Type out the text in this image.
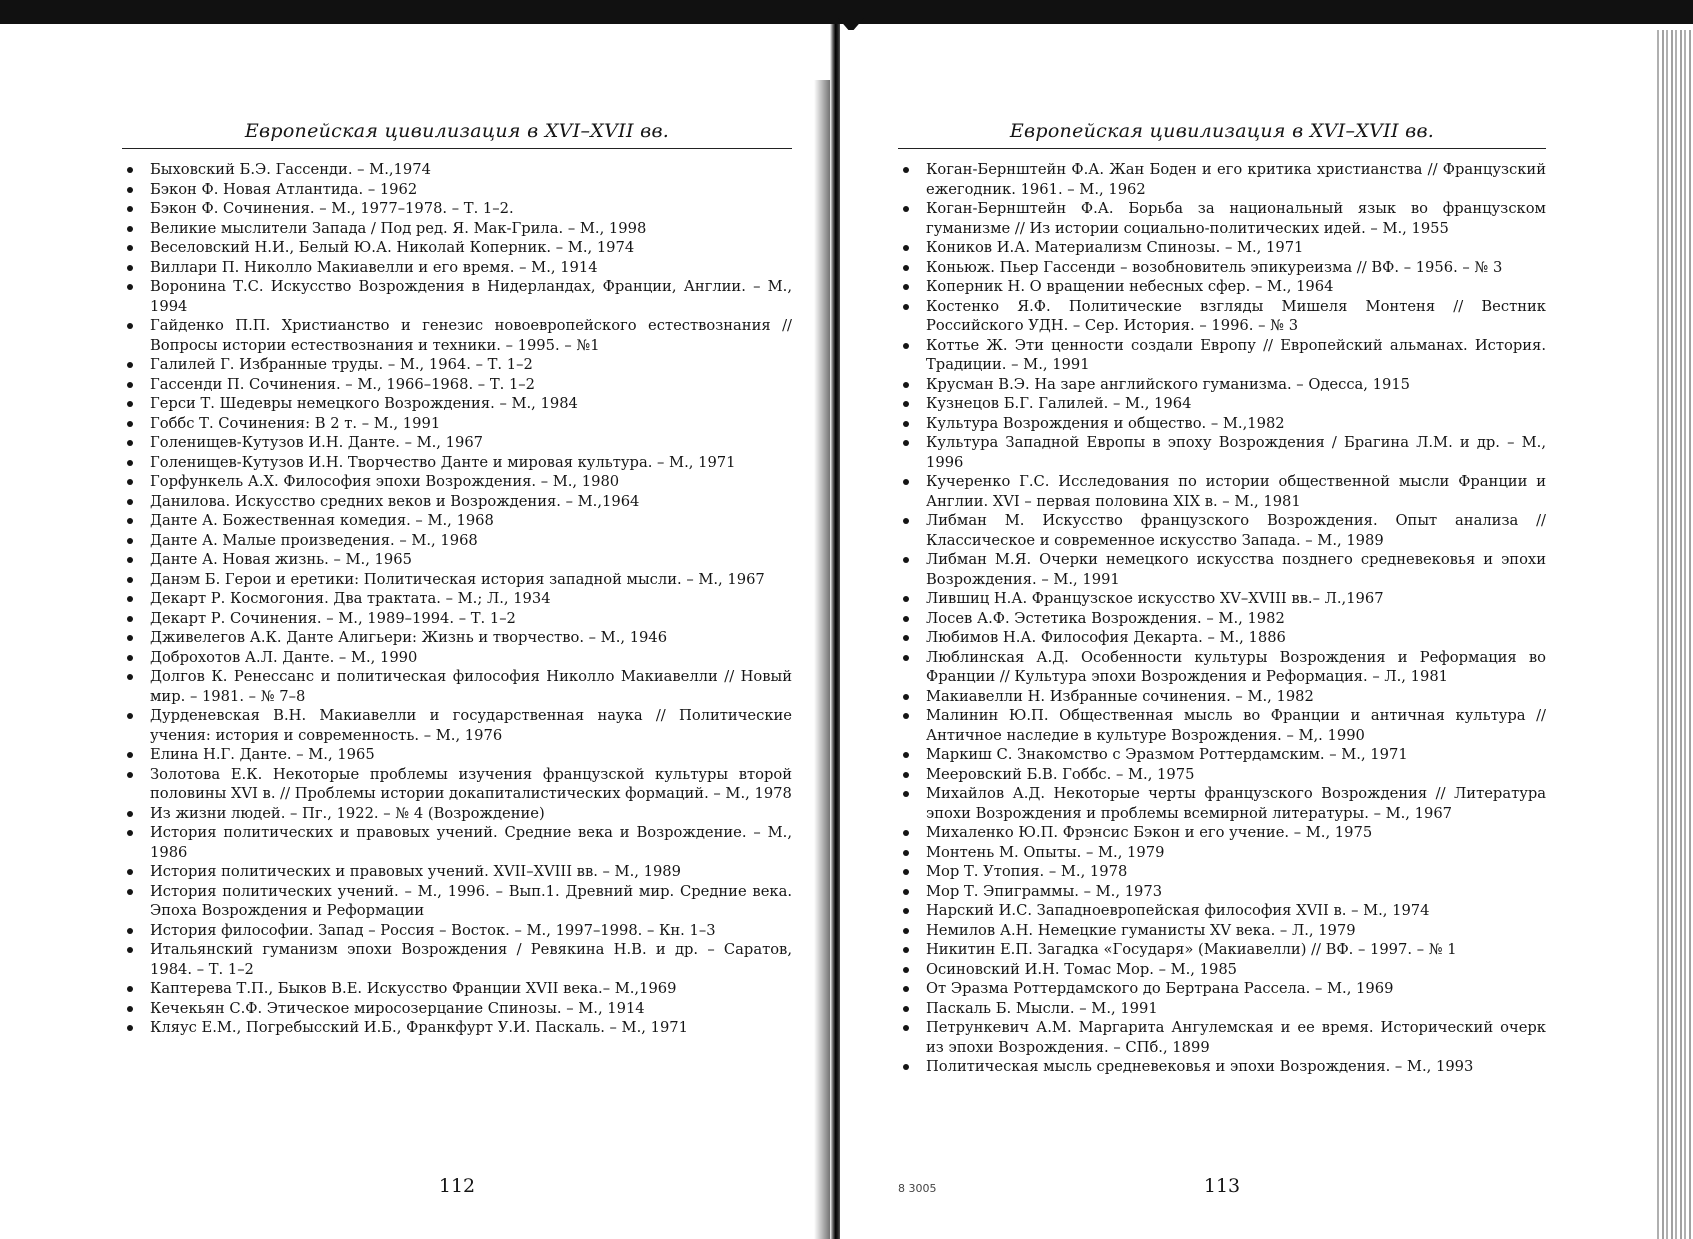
Европейская цивилизация в XVI–XVII вв.
Быховский Б.Э. Гассенди. – М.,1974
Бэкон Ф. Новая Атлантида. – 1962
Бэкон Ф. Сочинения. – М., 1977–1978. – Т. 1–2.
Великие мыслители Запада / Под ред. Я. Мак-Грила. – М., 1998
Веселовский Н.И., Белый Ю.А. Николай Коперник. – М., 1974
Виллари П. Николло Макиавелли и его время. – М., 1914
Воронина Т.С. Искусство Возрождения в Нидерландах, Франции, Англии. – М., 1994
Гайденко П.П. Христианство и генезис новоевропейского естествознания // Вопросы истории естествознания и техники. – 1995. – №1
Галилей Г. Избранные труды. – М., 1964. – Т. 1–2
Гассенди П. Сочинения. – М., 1966–1968. – Т. 1–2
Герси Т. Шедевры немецкого Возрождения. – М., 1984
Гоббс Т. Сочинения: В 2 т. – М., 1991
Голенищев-Кутузов И.Н. Данте. – М., 1967
Голенищев-Кутузов И.Н. Творчество Данте и мировая культура. – М., 1971
Горфункель А.Х. Философия эпохи Возрождения. – М., 1980
Данилова. Искусство средних веков и Возрождения. – М.,1964
Данте А. Божественная комедия. – М., 1968
Данте А. Малые произведения. – М., 1968
Данте А. Новая жизнь. – М., 1965
Данэм Б. Герои и еретики: Политическая история западной мысли. – М., 1967
Декарт Р. Космогония. Два трактата. – М.; Л., 1934
Декарт Р. Сочинения. – М., 1989–1994. – Т. 1–2
Дживелегов А.К. Данте Алигьери: Жизнь и творчество. – М., 1946
Доброхотов А.Л. Данте. – М., 1990
Долгов К. Ренессанс и политическая философия Николло Макиавелли // Новый мир. – 1981. – № 7–8
Дурденевская В.Н. Макиавелли и государственная наука // Политические учения: история и современность. – М., 1976
Елина Н.Г. Данте. – М., 1965
Золотова Е.К. Некоторые проблемы изучения французской культуры второй половины XVI в. // Проблемы истории докапиталистических формаций. – М., 1978
Из жизни людей. – Пг., 1922. – № 4 (Возрождение)
История политических и правовых учений. Средние века и Возрождение. – М., 1986
История политических и правовых учений. XVII–XVIII вв. – М., 1989
История политических учений. – М., 1996. – Вып.1. Древний мир. Средние века. Эпоха Возрождения и Реформации
История философии. Запад – Россия – Восток. – М., 1997–1998. – Кн. 1–3
Итальянский гуманизм эпохи Возрождения / Ревякина Н.В. и др. – Саратов, 1984. – Т. 1–2
Каптерева Т.П., Быков В.Е. Искусство Франции XVII века.– М.,1969
Кечекьян С.Ф. Этическое миросозерцание Спинозы. – М., 1914
Кляус Е.М., Погребысский И.Б., Франкфурт У.И. Паскаль. – М., 1971
112
Европейская цивилизация в XVI–XVII вв.
Коган-Бернштейн Ф.А. Жан Боден и его критика христианства // Французский ежегодник. 1961. – М., 1962
Коган-Бернштейн Ф.А. Борьба за национальный язык во французском гуманизме // Из истории социально-политических идей. – М., 1955
Коников И.А. Материализм Спинозы. – М., 1971
Коньюж. Пьер Гассенди – возобновитель эпикуреизма // ВФ. – 1956. – № 3
Коперник Н. О вращении небесных сфер. – М., 1964
Костенко Я.Ф. Политические взгляды Мишеля Монтеня // Вестник Российского УДН. – Сер. История. – 1996. – № 3
Коттье Ж. Эти ценности создали Европу // Европейский альманах. История. Традиции. – М., 1991
Крусман В.Э. На заре английского гуманизма. – Одесса, 1915
Кузнецов Б.Г. Галилей. – М., 1964
Культура Возрождения и общество. – М.,1982
Культура Западной Европы в эпоху Возрождения / Брагина Л.М. и др. – М., 1996
Кучеренко Г.С. Исследования по истории общественной мысли Франции и Англии. XVI – первая половина XIX в. – М., 1981
Либман М. Искусство французского Возрождения. Опыт анализа // Классическое и современное искусство Запада. – М., 1989
Либман М.Я. Очерки немецкого искусства позднего средневековья и эпохи Возрождения. – М., 1991
Лившиц Н.А. Французское искусство XV–XVIII вв.– Л.,1967
Лосев А.Ф. Эстетика Возрождения. – М., 1982
Любимов Н.А. Философия Декарта. – М., 1886
Люблинская А.Д. Особенности культуры Возрождения и Реформация во Франции // Культура эпохи Возрождения и Реформация. – Л., 1981
Макиавелли Н. Избранные сочинения. – М., 1982
Малинин Ю.П. Общественная мысль во Франции и античная культура // Античное наследие в культуре Возрождения. – М,. 1990
Маркиш С. Знакомство с Эразмом Роттердамским. – М., 1971
Мееровский Б.В. Гоббс. – М., 1975
Михайлов А.Д. Некоторые черты французского Возрождения // Литература эпохи Возрождения и проблемы всемирной литературы. – М., 1967
Михаленко Ю.П. Фрэнсис Бэкон и его учение. – М., 1975
Монтень М. Опыты. – М., 1979
Мор Т. Утопия. – М., 1978
Мор Т. Эпиграммы. – М., 1973
Нарский И.С. Западноевропейская философия XVII в. – М., 1974
Немилов А.Н. Немецкие гуманисты XV века. – Л., 1979
Никитин Е.П. Загадка «Государя» (Макиавелли) // ВФ. – 1997. – № 1
Осиновский И.Н. Томас Мор. – М., 1985
От Эразма Роттердамского до Бертрана Рассела. – М., 1969
Паскаль Б. Мысли. – М., 1991
Петрункевич А.М. Маргарита Ангулемская и ее время. Исторический очерк из эпохи Возрождения. – СПб., 1899
Политическая мысль средневековья и эпохи Возрождения. – М., 1993
8 3005	113
